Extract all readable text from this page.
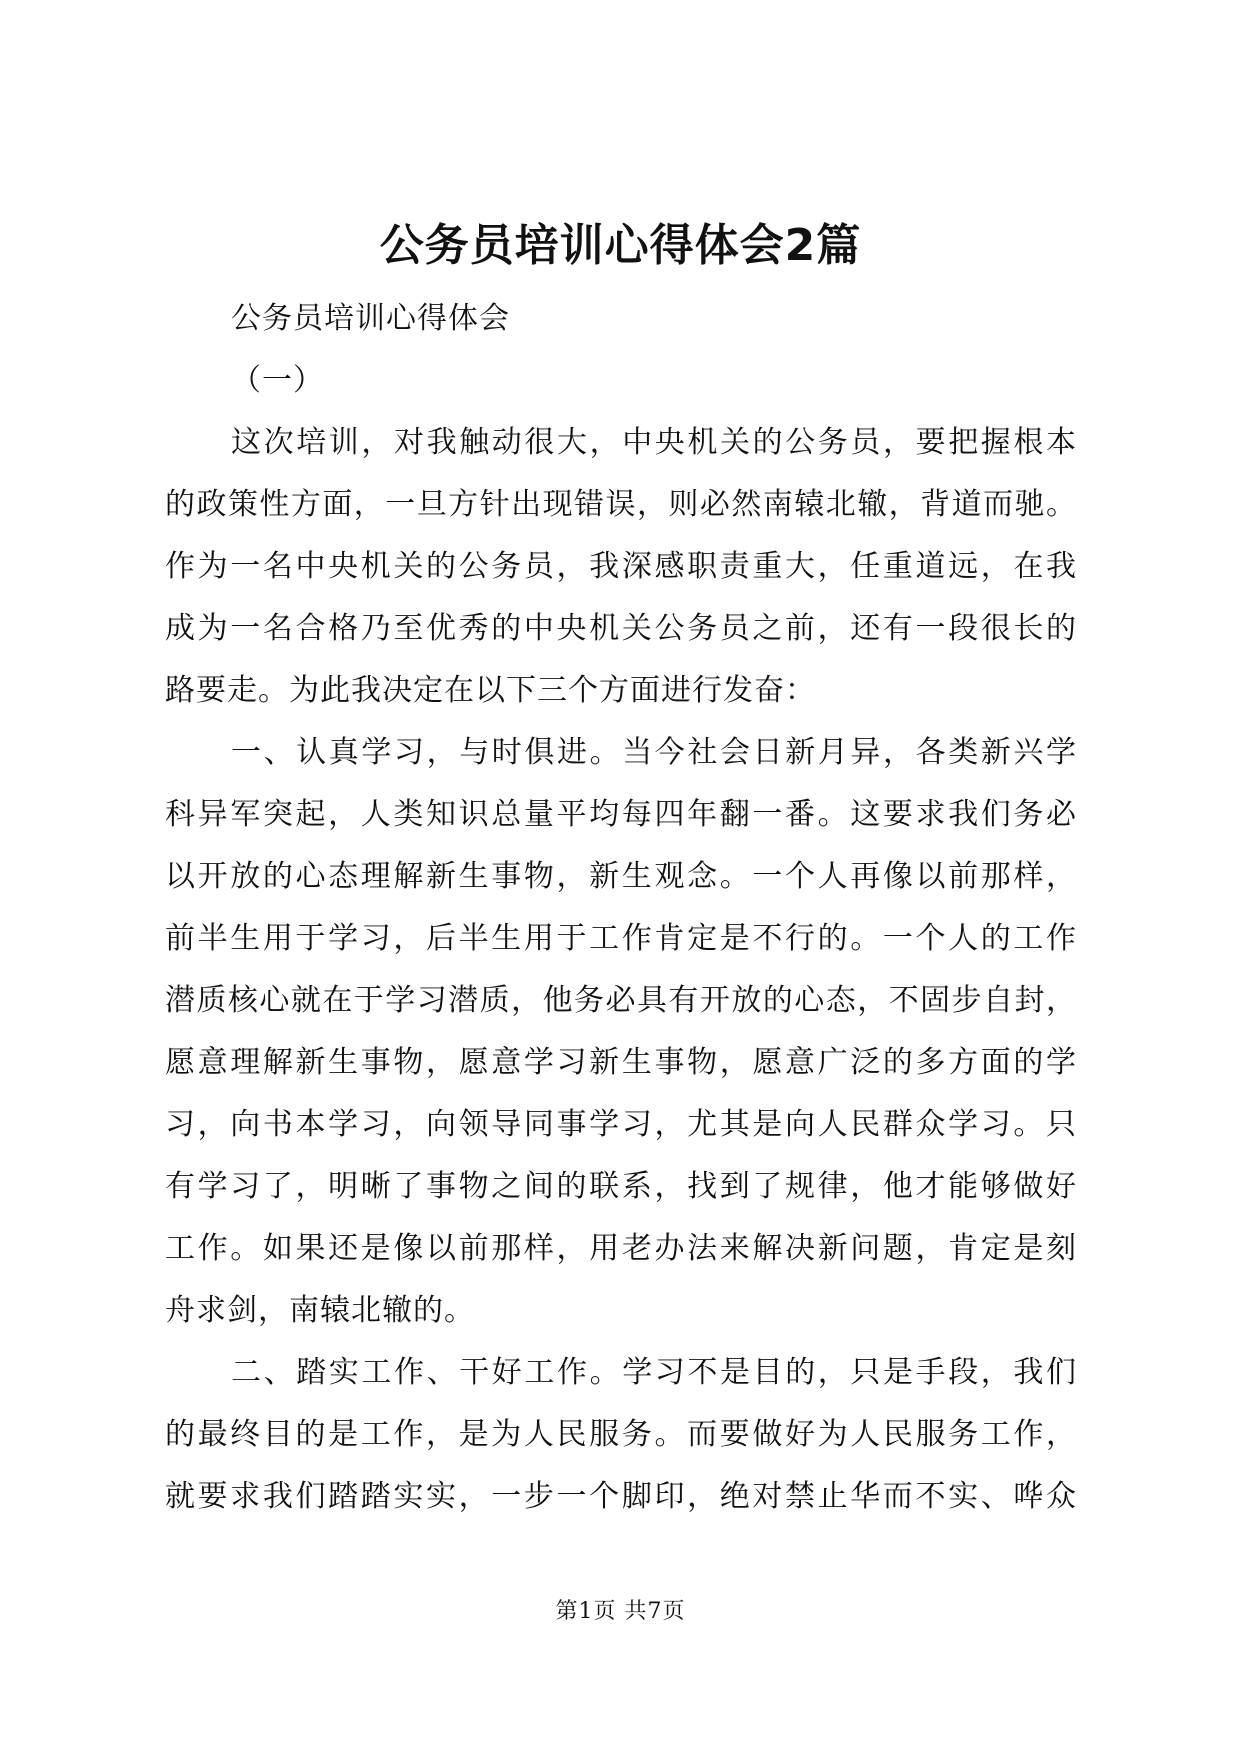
公务员培训心得体会2篇
公务员培训心得体会
（一）
这次培训，对我触动很大，中央机关的公务员，要把握根本
的政策性方面，一旦方针出现错误，则必然南辕北辙，背道而驰。
作为一名中央机关的公务员，我深感职责重大，任重道远，在我
成为一名合格乃至优秀的中央机关公务员之前，还有一段很长的
路要走。为此我决定在以下三个方面进行发奋：
一、认真学习，与时俱进。当今社会日新月异，各类新兴学
科异军突起，人类知识总量平均每四年翻一番。这要求我们务必
以开放的心态理解新生事物，新生观念。一个人再像以前那样，
前半生用于学习，后半生用于工作肯定是不行的。一个人的工作
潜质核心就在于学习潜质，他务必具有开放的心态，不固步自封，
愿意理解新生事物，愿意学习新生事物，愿意广泛的多方面的学
习，向书本学习，向领导同事学习，尤其是向人民群众学习。只
有学习了，明晰了事物之间的联系，找到了规律，他才能够做好
工作。如果还是像以前那样，用老办法来解决新问题，肯定是刻
舟求剑，南辕北辙的。
二、踏实工作、干好工作。学习不是目的，只是手段，我们
的最终目的是工作，是为人民服务。而要做好为人民服务工作，
就要求我们踏踏实实，一步一个脚印，绝对禁止华而不实、哗众
第1页 共7页
